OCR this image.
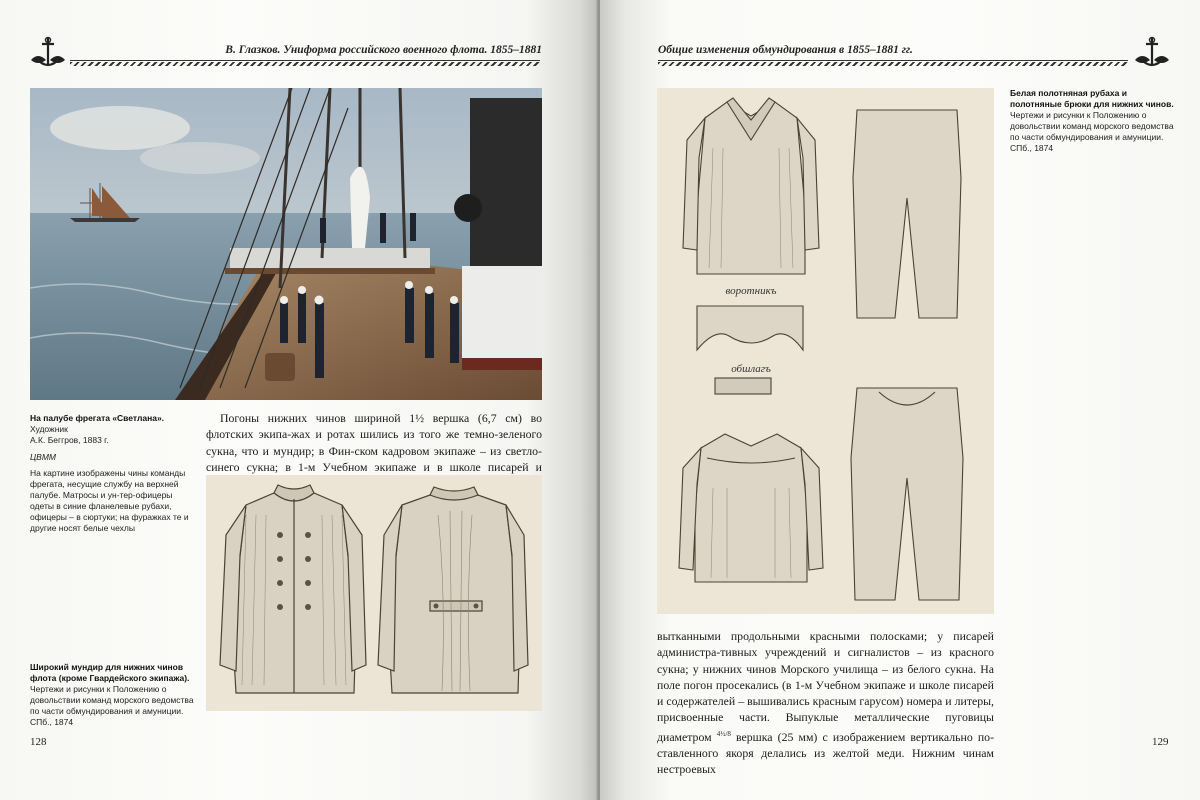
В. Глазков. Униформа российского военного флота. 1855–1881
На палубе фрегата «Светлана». Художник
А.К. Беггров, 1883 г.
ЦВММ
На картине изображены чины команды фрегата, несущие службу на верхней палубе. Матросы и ун-тер-офицеры одеты в синие фланелевые рубахи, офицеры – в сюртуки; на фуражках те и другие носят белые чехлы

Погоны нижних чинов шириной 1½ вершка (6,7 см) во флотских экипа-жах и ротах шились из того же темно-зеленого сукна, что и мундир; в Фин-ском кадровом экипаже – из светло-синего сукна; в 1-м Учебном экипаже и в школе писарей и

Широкий мундир для нижних чинов флота (кроме Гвардейского экипажа). Чертежи и рисунки к Положению о довольствии команд морского ведомства по части обмундирования и амуниции. СПб., 1874
128
Общие изменения обмундирования в 1855–1881 гг.
воротникъ
обшлагъ
Белая полотняная рубаха и полотняные брюки для нижних чинов. Чертежи и рисунки к Положению о довольствии команд морского ведомства по части обмундирования и амуниции. СПб., 1874

вытканными продольными красными полосками; у писарей администра-тивных учреждений и сигналистов – из красного сукна; у нижних чинов Морского училища – из белого сукна. На поле погон просекались (в 1-м Учебном экипаже и школе писарей и содержателей – вышивались красным гарусом) номера и литеры, присвоенные части. Выпуклые металлические пуговицы диаметром $^{4\frac{1}{2}/8}$ вершка (25 мм) с изображением вертикально по-ставленного якоря делались из желтой меди. Нижним чинам нестроевых

129
